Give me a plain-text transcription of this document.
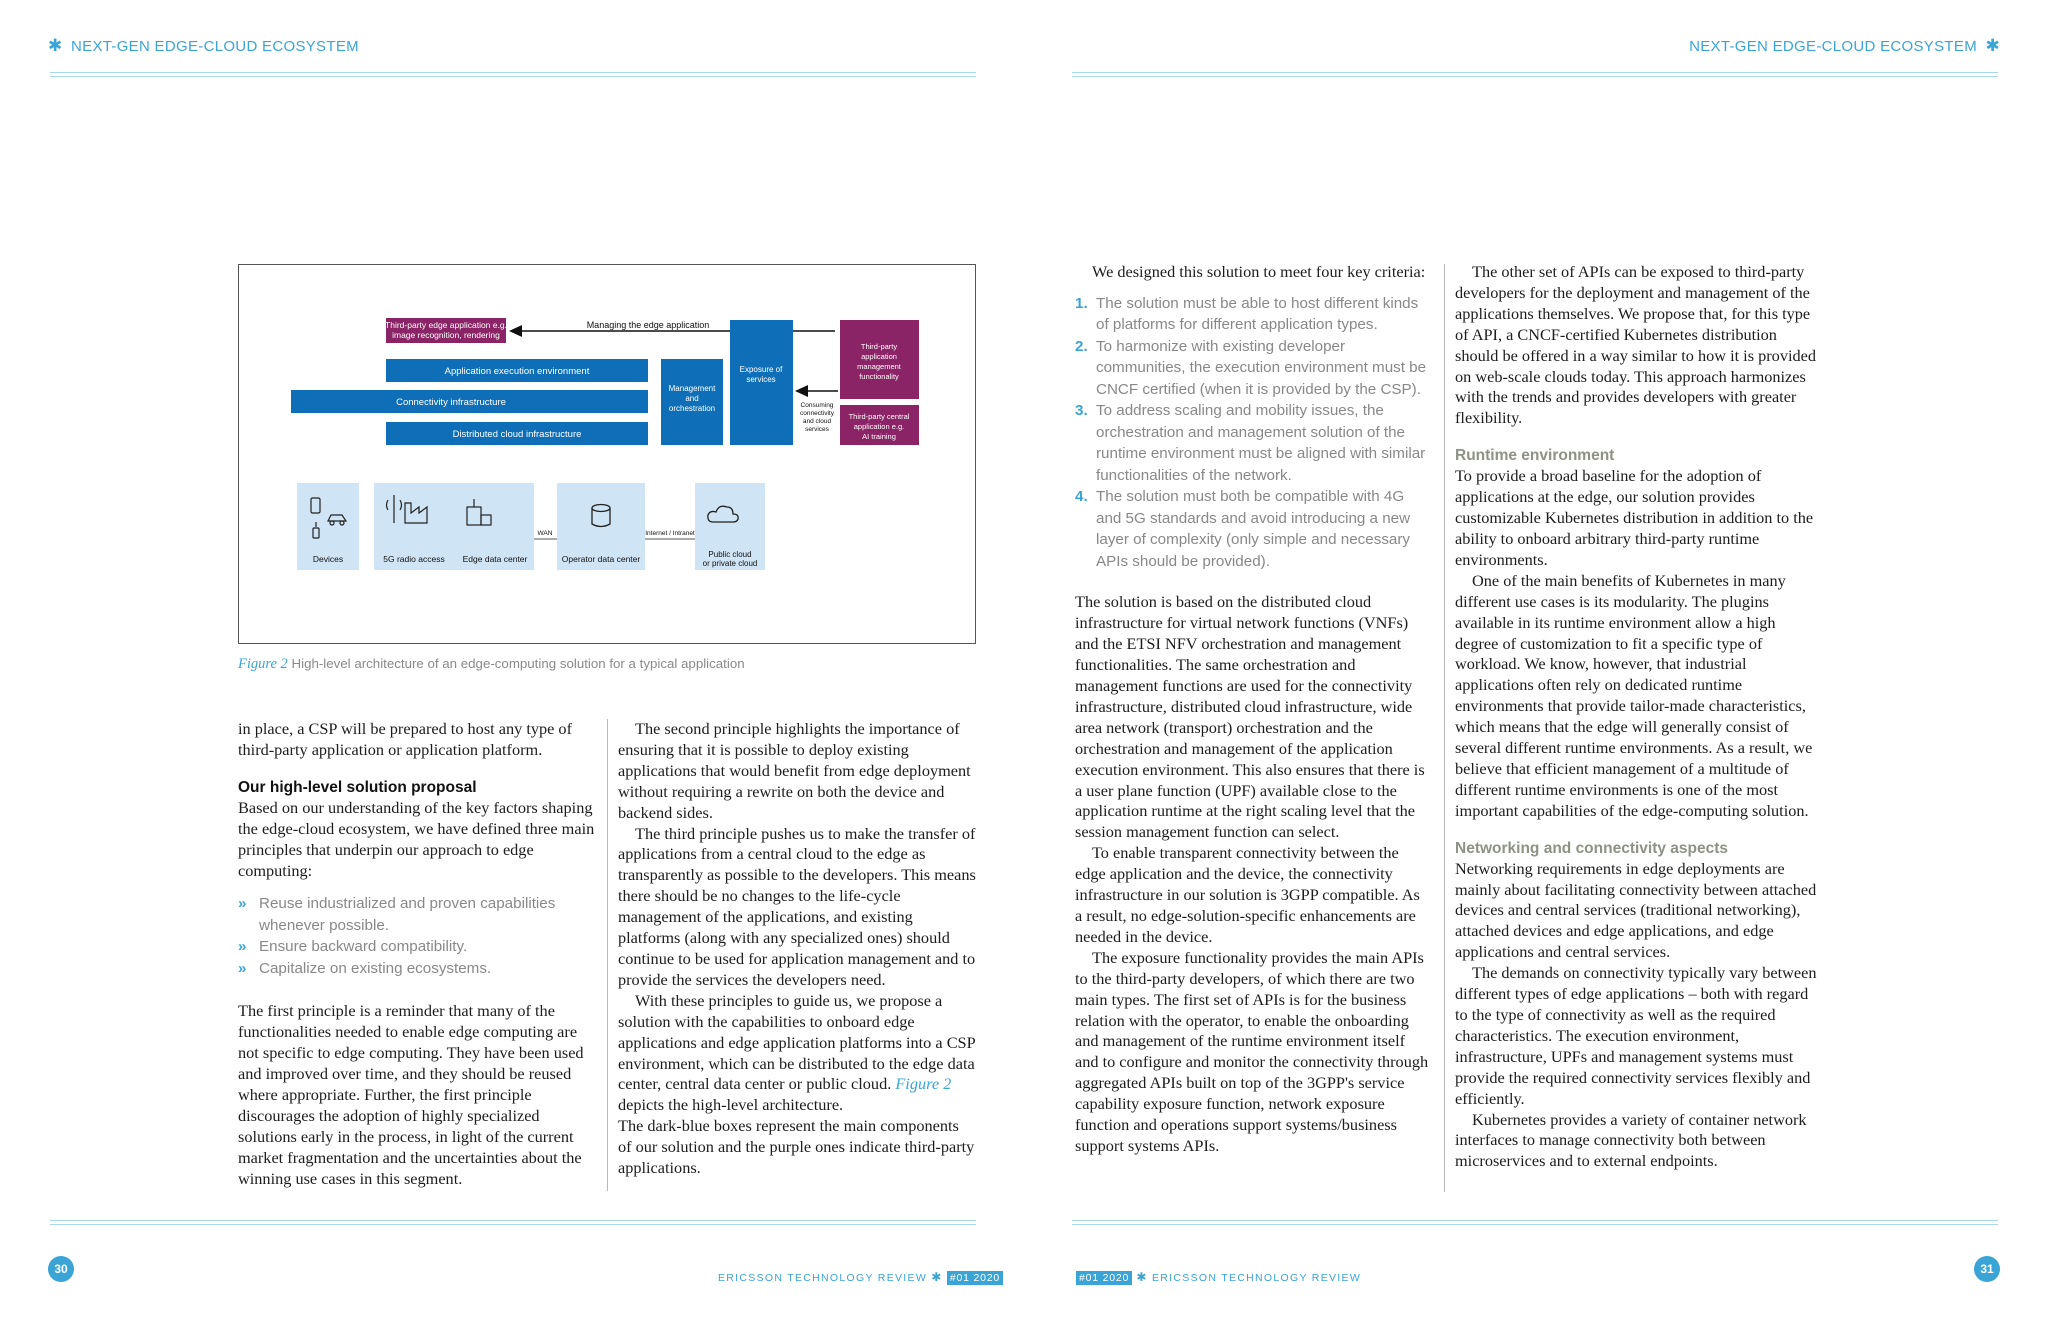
✱ NEXT-GEN EDGE-CLOUD ECOSYSTEM
Third-party edge application e.g.
image recognition, rendering
Managing the edge application
Application execution environment
Connectivity infrastructure
Distributed cloud infrastructure
Management
and
orchestration
Exposure of
services
Third-party
application
management
functionality
Third-party central
application e.g.
AI training
Consuming
connectivity
and cloud
services
WAN	Internet / Intranet
Devices	5G radio access Edge data center	Operator data center	Public cloud
or private cloud
Figure 2 High-level architecture of an edge-computing solution for a typical application

in place, a CSP will be prepared to host any type of third-party application or application platform.

Our high-level solution proposal

Based on our understanding of the key factors shaping the edge-cloud ecosystem, we have defined three main principles that underpin our approach to edge computing:

» Reuse industrialized and proven capabilities whenever possible.
» Ensure backward compatibility.
» Capitalize on existing ecosystems.

The first principle is a reminder that many of the functionalities needed to enable edge computing are not specific to edge computing. They have been used and improved over time, and they should be reused where appropriate. Further, the first principle discourages the adoption of highly specialized solutions early in the process, in light of the current market fragmentation and the uncertainties about the winning use cases in this segment.

The second principle highlights the importance of ensuring that it is possible to deploy existing applications that would benefit from edge deployment without requiring a rewrite on both the device and backend sides.

The third principle pushes us to make the transfer of applications from a central cloud to the edge as transparently as possible to the developers. This means there should be no changes to the life-cycle management of the applications, and existing platforms (along with any specialized ones) should continue to be used for application management and to provide the services the developers need.

With these principles to guide us, we propose a solution with the capabilities to onboard edge applications and edge application platforms into a CSP environment, which can be distributed to the edge data center, central data center or public cloud. Figure 2 depicts the high-level architecture.

The dark-blue boxes represent the main components of our solution and the purple ones indicate third-party applications.

30
ERICSSON TECHNOLOGY REVIEW ✱ #01 2020
NEXT-GEN EDGE-CLOUD ECOSYSTEM ✱

We designed this solution to meet four key criteria:

1. The solution must be able to host different kinds of platforms for different application types.
2. To harmonize with existing developer communities, the execution environment must be CNCF certified (when it is provided by the CSP).
3. To address scaling and mobility issues, the orchestration and management solution of the runtime environment must be aligned with similar functionalities of the network.
4. The solution must both be compatible with 4G and 5G standards and avoid introducing a new layer of complexity (only simple and necessary APIs should be provided).

The solution is based on the distributed cloud infrastructure for virtual network functions (VNFs) and the ETSI NFV orchestration and management functionalities. The same orchestration and management functions are used for the connectivity infrastructure, distributed cloud infrastructure, wide area network (transport) orchestration and the orchestration and management of the application execution environment. This also ensures that there is a user plane function (UPF) available close to the application runtime at the right scaling level that the session management function can select.

To enable transparent connectivity between the edge application and the device, the connectivity infrastructure in our solution is 3GPP compatible. As a result, no edge-solution-specific enhancements are needed in the device.

The exposure functionality provides the main APIs to the third-party developers, of which there are two main types. The first set of APIs is for the business relation with the operator, to enable the onboarding and management of the runtime environment itself and to configure and monitor the connectivity through aggregated APIs built on top of the 3GPP's service capability exposure function, network exposure function and operations support systems/business support systems APIs.

The other set of APIs can be exposed to third-party developers for the deployment and management of the applications themselves. We propose that, for this type of API, a CNCF-certified Kubernetes distribution should be offered in a way similar to how it is provided on web-scale clouds today. This approach harmonizes with the trends and provides developers with greater flexibility.

Runtime environment

To provide a broad baseline for the adoption of applications at the edge, our solution provides customizable Kubernetes distribution in addition to the ability to onboard arbitrary third-party runtime environments.

One of the main benefits of Kubernetes in many different use cases is its modularity. The plugins available in its runtime environment allow a high degree of customization to fit a specific type of workload. We know, however, that industrial applications often rely on dedicated runtime environments that provide tailor-made characteristics, which means that the edge will generally consist of several different runtime environments. As a result, we believe that efficient management of a multitude of different runtime environments is one of the most important capabilities of the edge-computing solution.

Networking and connectivity aspects

Networking requirements in edge deployments are mainly about facilitating connectivity between attached devices and central services (traditional networking), attached devices and edge applications, and edge applications and central services.

The demands on connectivity typically vary between different types of edge applications – both with regard to the type of connectivity as well as the required characteristics. The execution environment, infrastructure, UPFs and management systems must provide the required connectivity services flexibly and efficiently.

Kubernetes provides a variety of container network interfaces to manage connectivity both between microservices and to external endpoints.

#01 2020 ✱ ERICSSON TECHNOLOGY REVIEW
31
